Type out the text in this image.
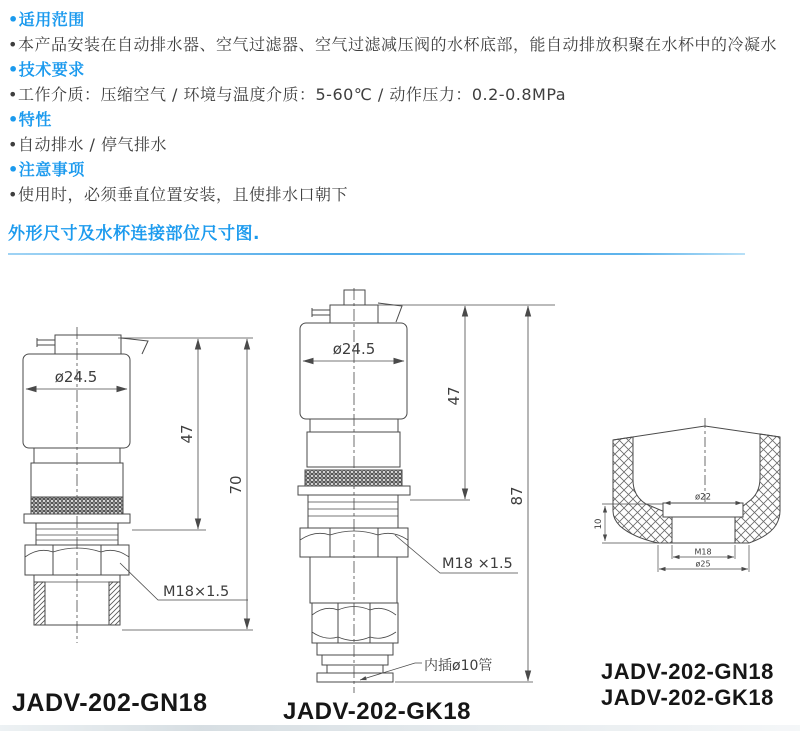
•适用范围
•本产品安装在自动排水器、空气过滤器、空气过滤减压阀的水杯底部，能自动排放积聚在水杯中的冷凝水
•技术要求
•工作介质：压缩空气 / 环境与温度介质：5-60℃ / 动作压力：0.2-0.8MPa
•特性
•自动排水 / 停气排水
•注意事项
•使用时，必须垂直位置安装，且使排水口朝下
外形尺寸及水杯连接部位尺寸图.
ø24.5
47
70
M18×1.5
JADV-202-GN18
ø24.5
47
87
M18 ×1.5
内插ø10管
JADV-202-GK18
ø22
10
M18
ø25
JADV-202-GN18
JADV-202-GK18
